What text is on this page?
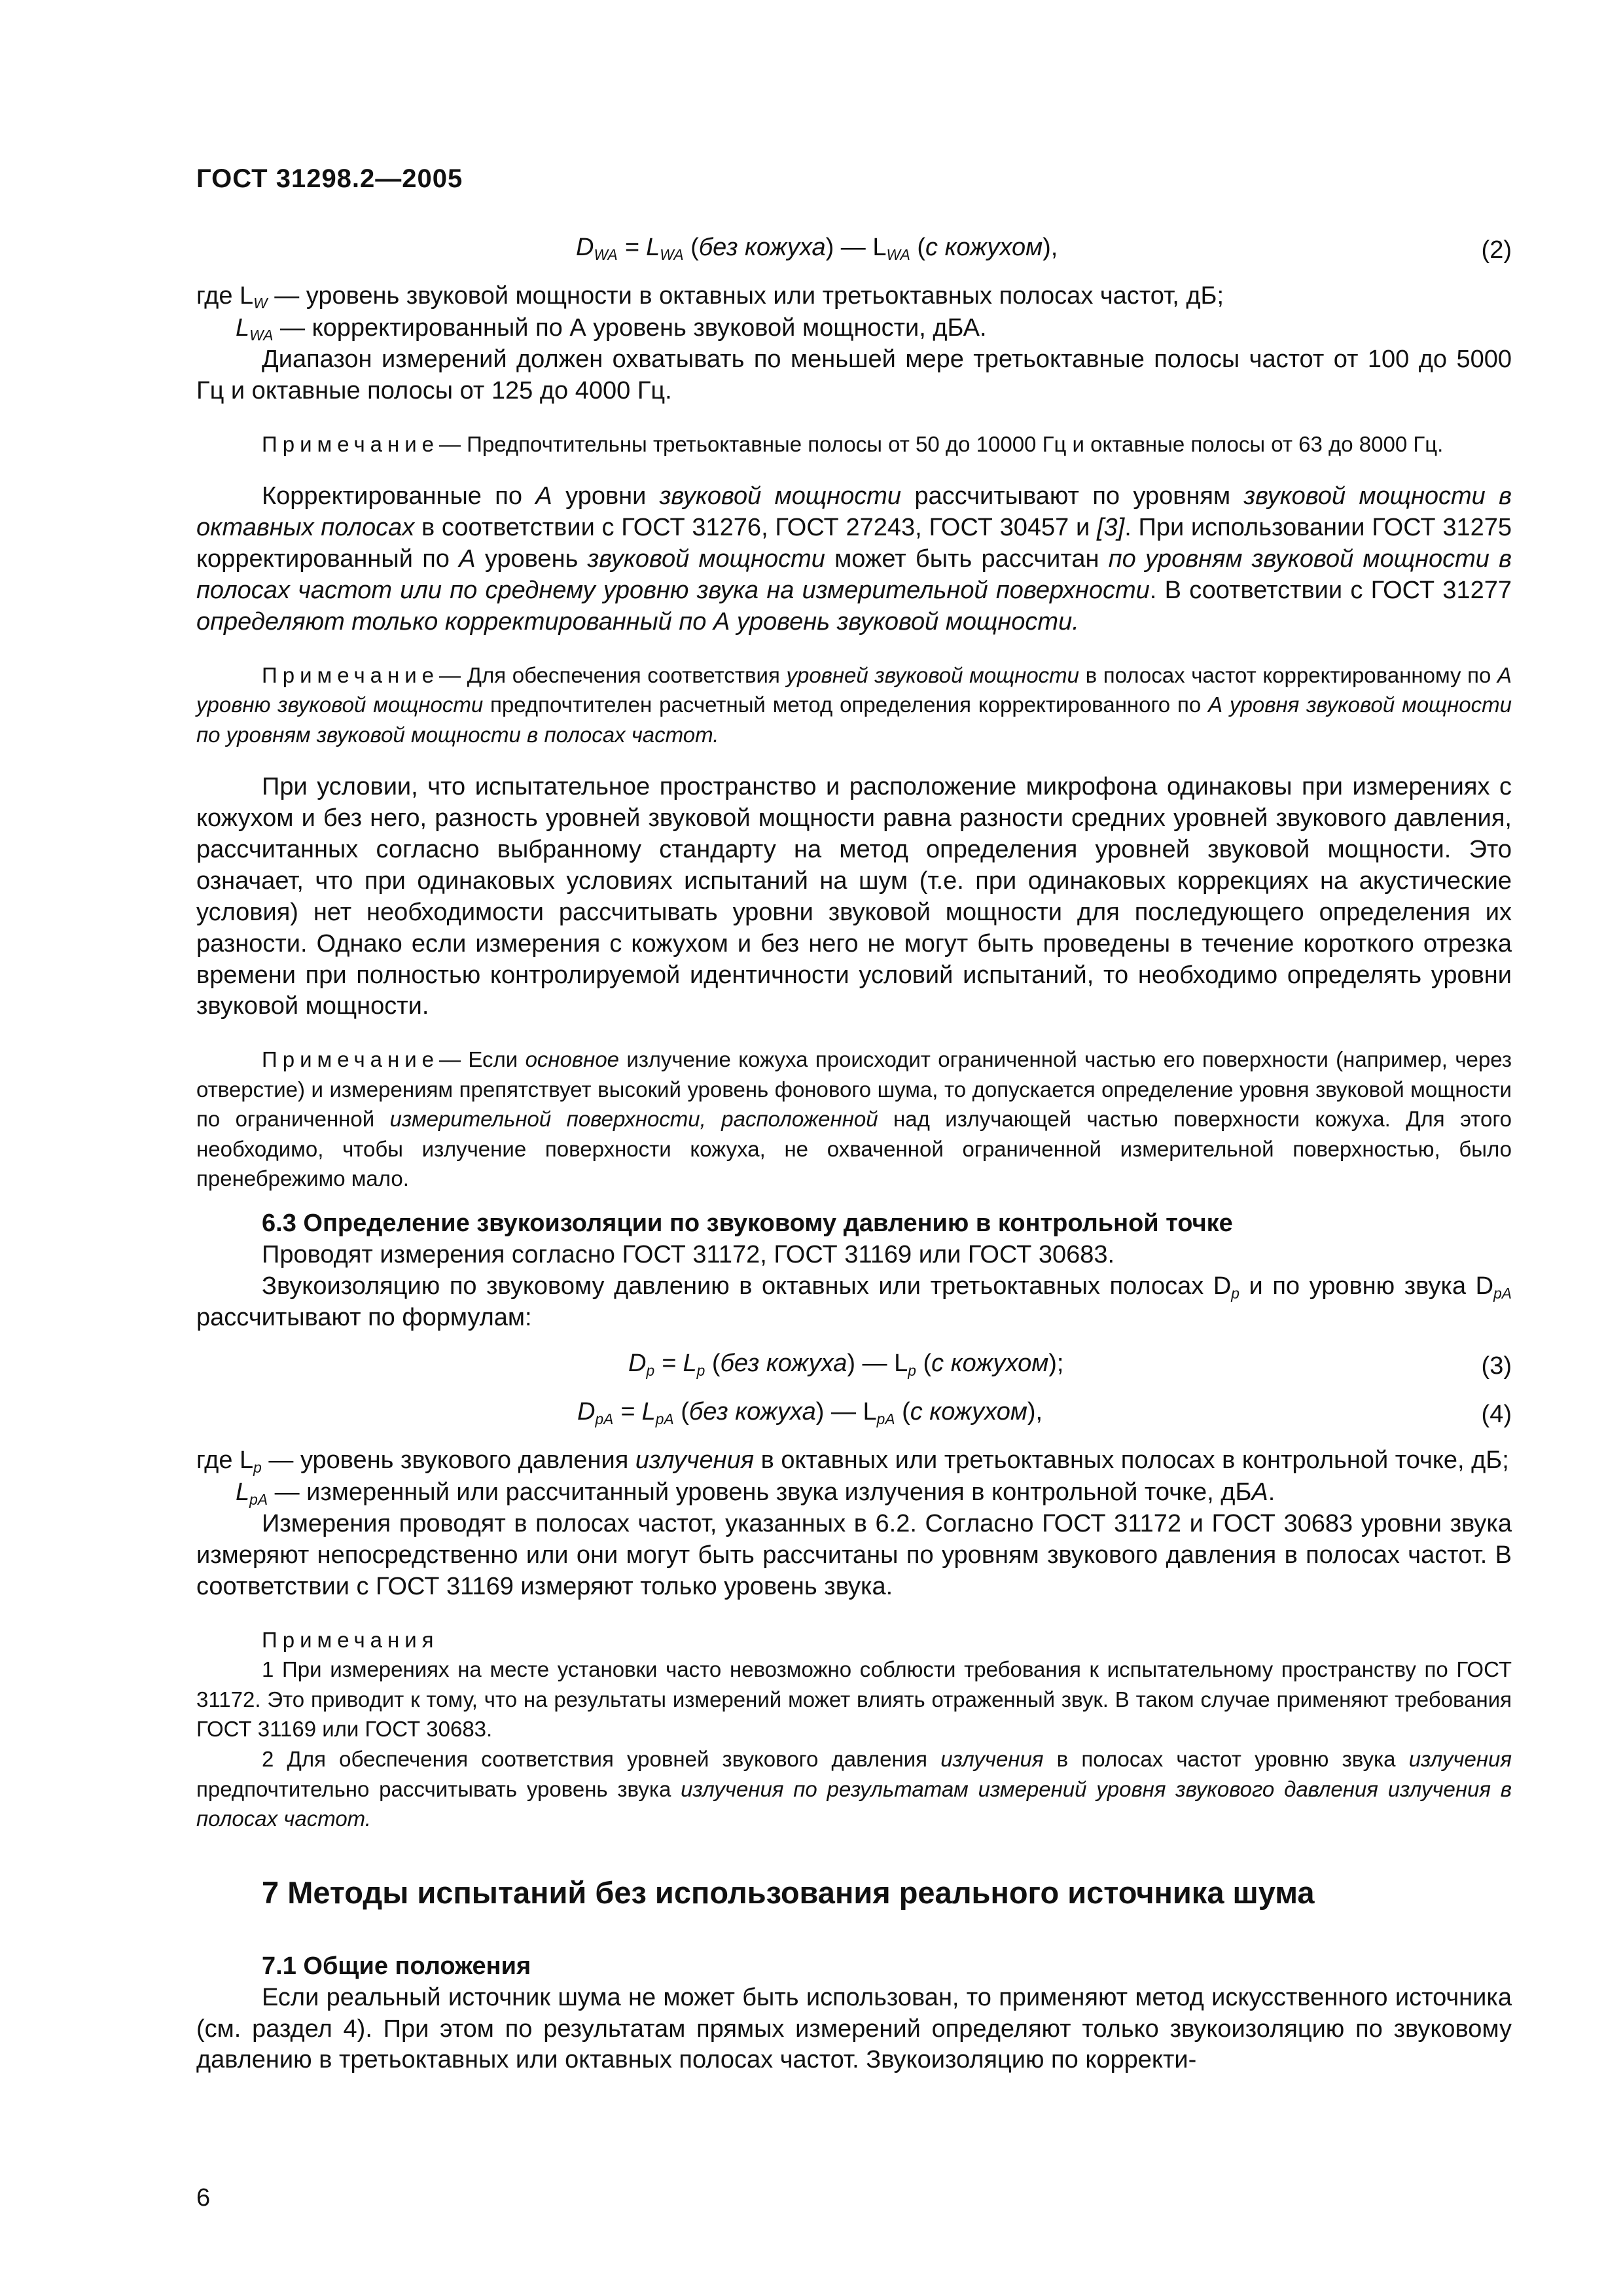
ГОСТ 31298.2—2005
$D_{WA} = L_{WA}$ (без кожуха) — $L_{WA}$ (с кожухом),	(2)

где $L_W$ — уровень звуковой мощности в октавных или третьоктавных полосах частот, дБ;

$L_{WA}$ — корректированный по А уровень звуковой мощности, дБА.

Диапазон измерений должен охватывать по меньшей мере третьоктавные полосы частот от 100 до 5000 Гц и октавные полосы от 125 до 4000 Гц.

Примечание— Предпочтительны третьоктавные полосы от 50 до 10000 Гц и октавные полосы от 63 до 8000 Гц.

Корректированные по А уровни звуковой мощности рассчитывают по уровням звуковой мощности в октавных полосах в соответствии с ГОСТ 31276, ГОСТ 27243, ГОСТ 30457 и [3]. При использовании ГОСТ 31275 корректированный по А уровень звуковой мощности может быть рассчитан по уровням звуковой мощности в полосах частот или по среднему уровню звука на измерительной поверхности. В соответствии с ГОСТ 31277 определяют только корректированный по А уровень звуковой мощности.

Примечание— Для обеспечения соответствия уровней звуковой мощности в полосах частот корректированному по А уровню звуковой мощности предпочтителен расчетный метод определения корректированного по А уровня звуковой мощности по уровням звуковой мощности в полосах частот.

При условии, что испытательное пространство и расположение микрофона одинаковы при измерениях с кожухом и без него, разность уровней звуковой мощности равна разности средних уровней звукового давления, рассчитанных согласно выбранному стандарту на метод определения уровней звуковой мощности. Это означает, что при одинаковых условиях испытаний на шум (т.е. при одинаковых коррекциях на акустические условия) нет необходимости рассчитывать уровни звуковой мощности для последующего определения их разности. Однако если измерения с кожухом и без него не могут быть проведены в течение короткого отрезка времени при полностью контролируемой идентичности условий испытаний, то необходимо определять уровни звуковой мощности.

Примечание— Если основное излучение кожуха происходит ограниченной частью его поверхности (например, через отверстие) и измерениям препятствует высокий уровень фонового шума, то допускается определение уровня звуковой мощности по ограниченной измерительной поверхности, расположенной над излучающей частью поверхности кожуха. Для этого необходимо, чтобы излучение поверхности кожуха, не охваченной ограниченной измерительной поверхностью, было пренебрежимо мало.

6.3 Определение звукоизоляции по звуковому давлению в контрольной точке

Проводят измерения согласно ГОСТ 31172, ГОСТ 31169 или ГОСТ 30683.

Звукоизоляцию по звуковому давлению в октавных или третьоктавных полосах $D_p$ и по уровню звука $D_{pA}$ рассчитывают по формулам:

$D_p = L_p$ (без кожуха) — $L_p$ (с кожухом);	(3)
$D_{pA} = L_{pA}$ (без кожуха) — $L_{pA}$ (с кожухом),	(4)

где $L_p$ — уровень звукового давления излучения в октавных или третьоктавных полосах в контрольной точке, дБ;

$L_{pA}$ — измеренный или рассчитанный уровень звука излучения в контрольной точке, дБА.

Измерения проводят в полосах частот, указанных в 6.2. Согласно ГОСТ 31172 и ГОСТ 30683 уровни звука измеряют непосредственно или они могут быть рассчитаны по уровням звукового давления в полосах частот. В соответствии с ГОСТ 31169 измеряют только уровень звука.

Примечания
1 При измерениях на месте установки часто невозможно соблюсти требования к испытательному пространству по ГОСТ 31172. Это приводит к тому, что на результаты измерений может влиять отраженный звук. В таком случае применяют требования ГОСТ 31169 или ГОСТ 30683.
2 Для обеспечения соответствия уровней звукового давления излучения в полосах частот уровню звука излучения предпочтительно рассчитывать уровень звука излучения по результатам измерений уровня звукового давления излучения в полосах частот.

7 Методы испытаний без использования реального источника шума

7.1 Общие положения

Если реальный источник шума не может быть использован, то применяют метод искусственного источника (см. раздел 4). При этом по результатам прямых измерений определяют только звукоизоляцию по звуковому давлению в третьоктавных или октавных полосах частот. Звукоизоляцию по корректи-

6
